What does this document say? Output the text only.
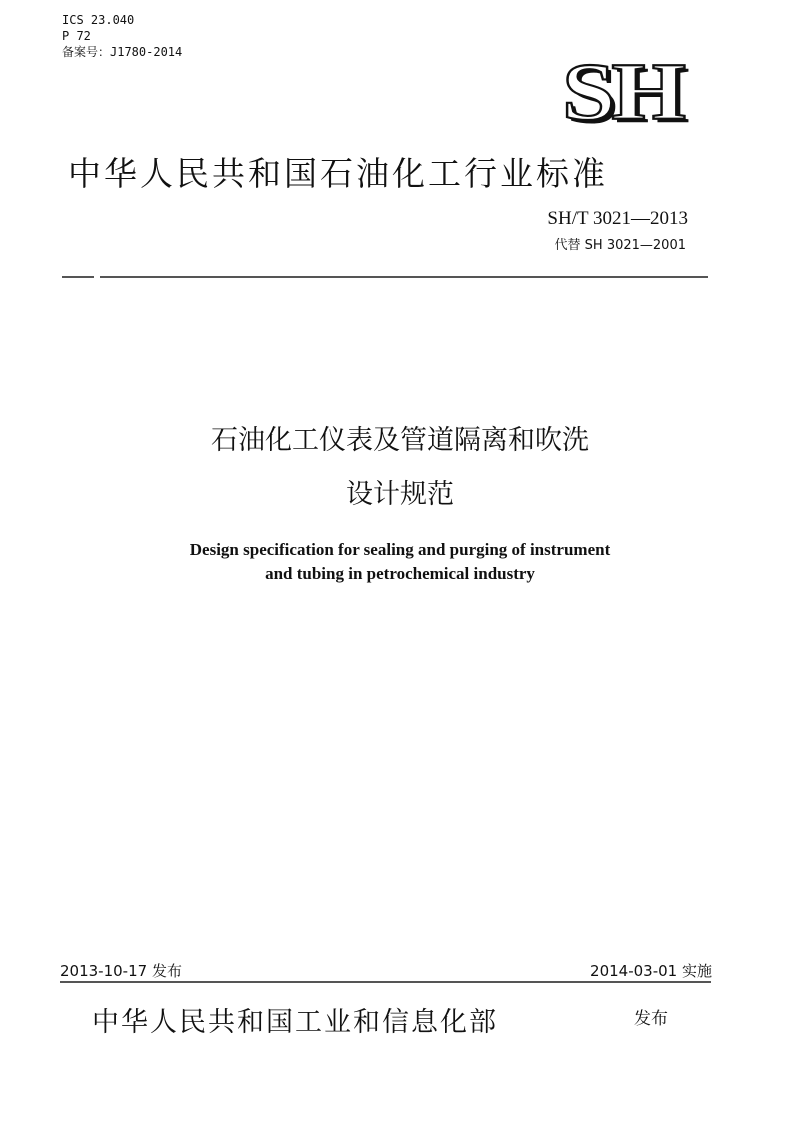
ICS 23.040
P 72
备案号：J1780-2014	SH
中华人民共和国石油化工行业标准
SH/T 3021—2013
代替 SH 3021—2001
石油化工仪表及管道隔离和吹洗
设计规范
Design specification for sealing and purging of instrument
and tubing in petrochemical industry
2013-10-17 发布	2014-03-01 实施
中华人民共和国工业和信息化部	发布
